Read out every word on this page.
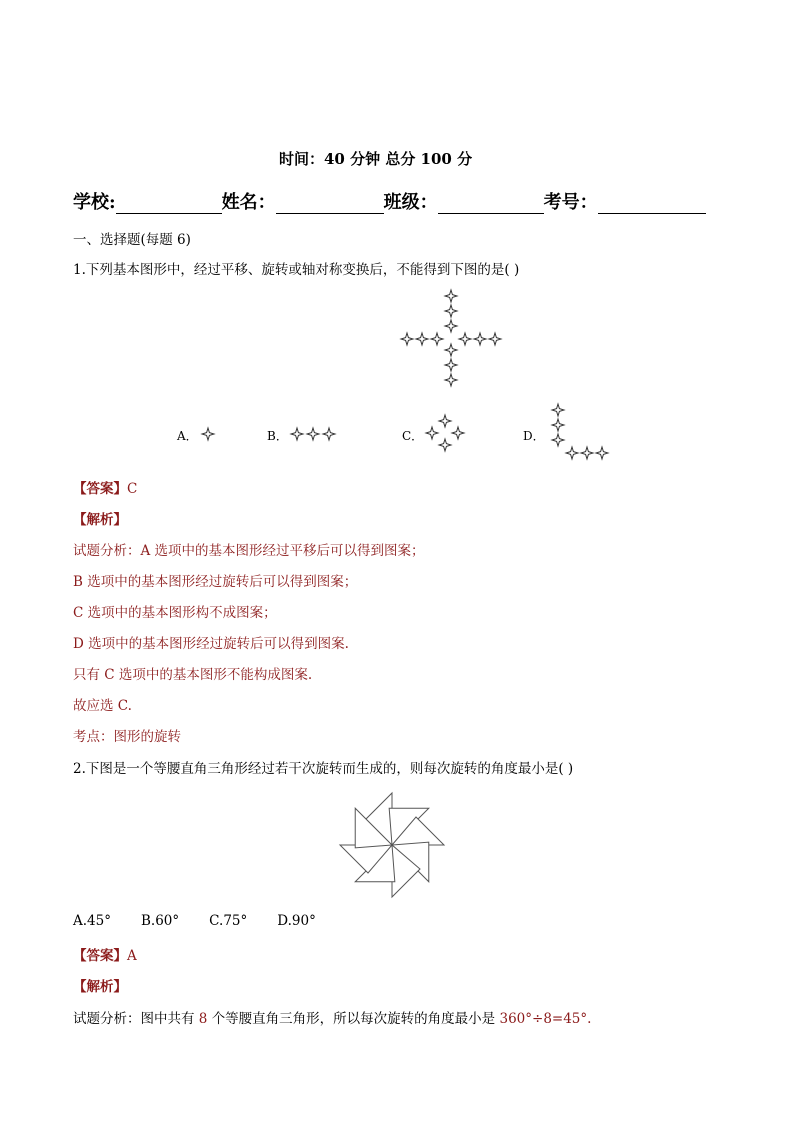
时间：40 分钟 总分 100 分
学校:	姓名：	班级：	考号：
一、选择题(每题 6)
1.下列基本图形中，经过平移、旋转或轴对称变换后，不能得到下图的是( )
A．	B．	C．	D．
【答案】C
【解析】
试题分析：A 选项中的基本图形经过平移后可以得到图案；
B 选项中的基本图形经过旋转后可以得到图案；
C 选项中的基本图形构不成图案；
D 选项中的基本图形经过旋转后可以得到图案.
只有 C 选项中的基本图形不能构成图案.
故应选 C.
考点：图形的旋转
2.下图是一个等腰直角三角形经过若干次旋转而生成的，则每次旋转的角度最小是( )
A.45°       B.60°       C.75°       D.90°
【答案】A
【解析】
试题分析：图中共有 8 个等腰直角三角形，所以每次旋转的角度最小是 360°÷8=45°.
